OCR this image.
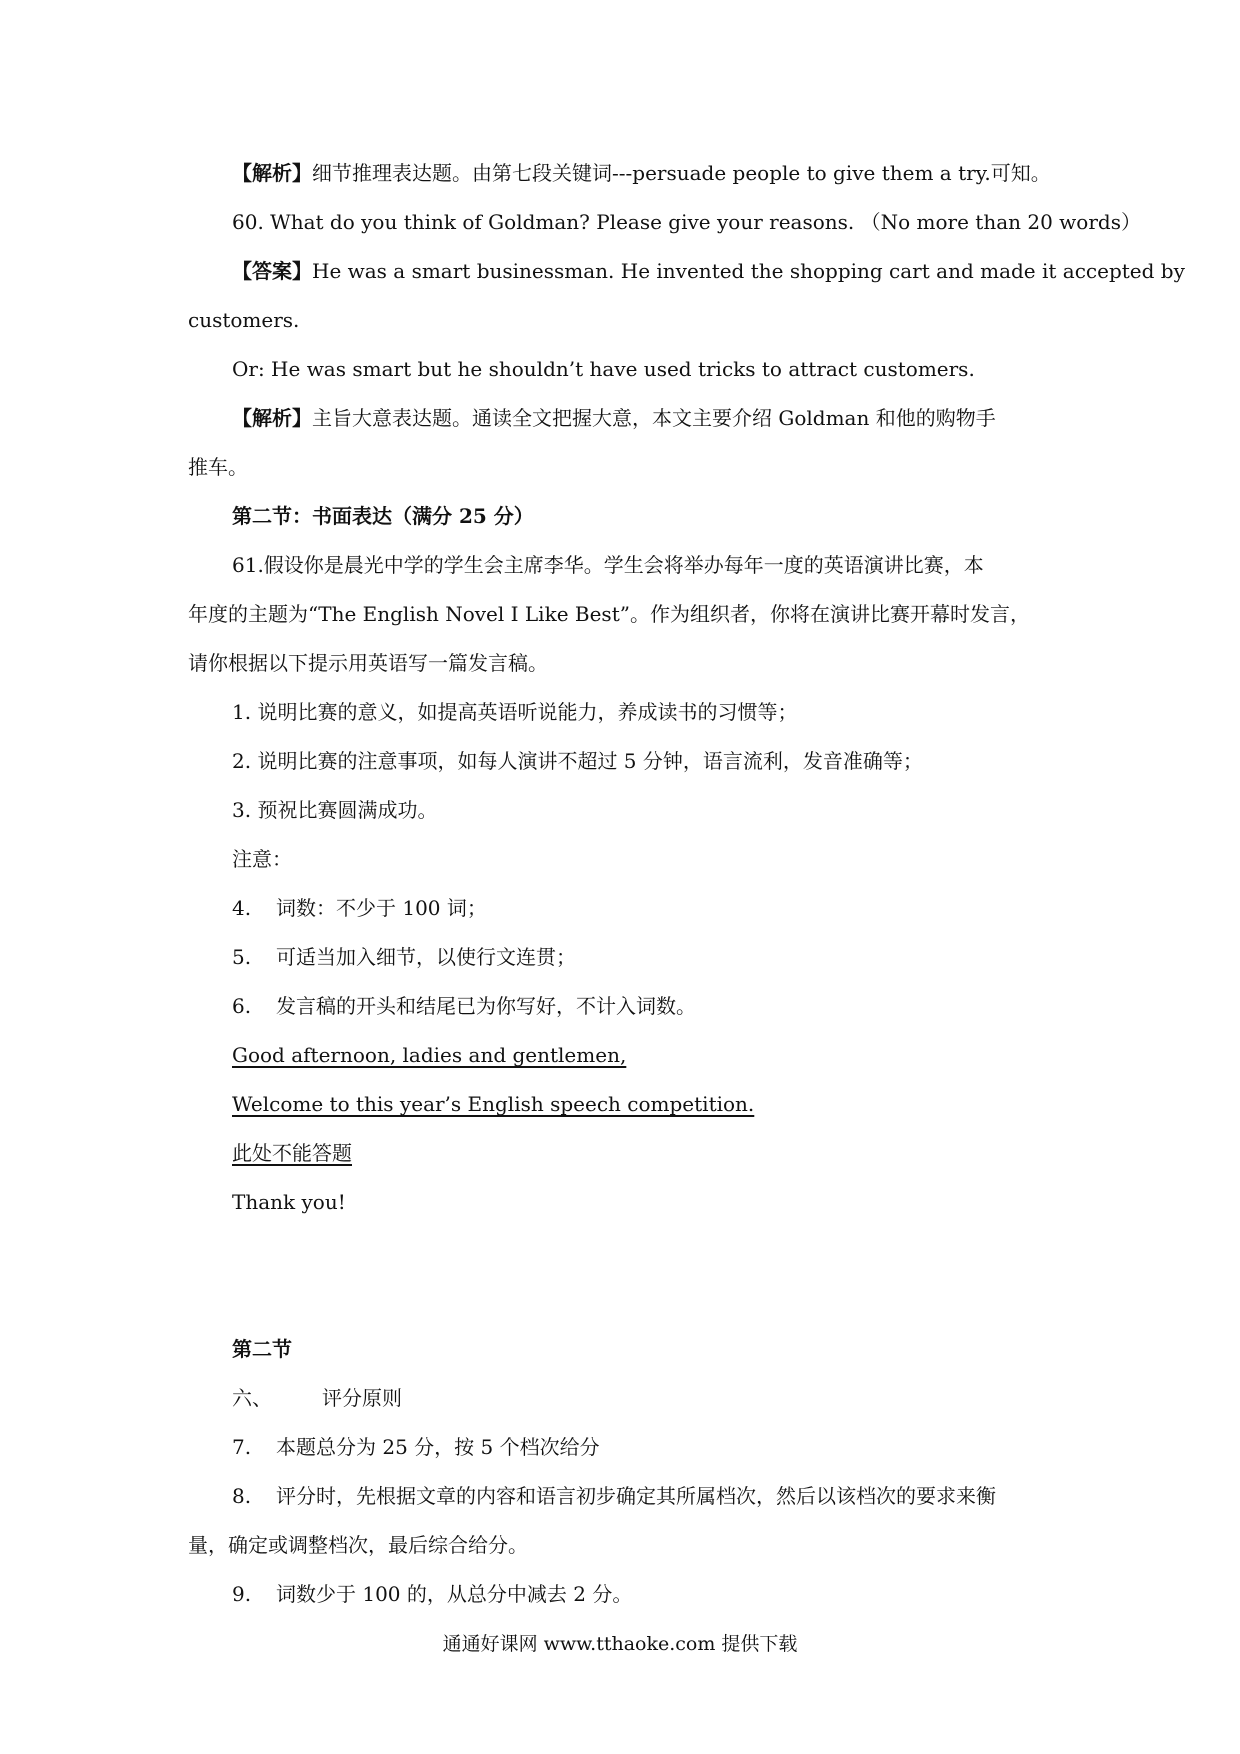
【解析】细节推理表达题。由第七段关键词---persuade people to give them a try.可知。
60. What do you think of Goldman? Please give your reasons. （No more than 20 words）
【答案】He was a smart businessman. He invented the shopping cart and made it accepted by
customers.
Or: He was smart but he shouldn’t have used tricks to attract customers.
【解析】主旨大意表达题。通读全文把握大意，本文主要介绍 Goldman 和他的购物手
推车。
第二节：书面表达（满分 25 分）
61.假设你是晨光中学的学生会主席李华。学生会将举办每年一度的英语演讲比赛，本
年度的主题为“The English Novel I Like Best”。作为组织者，你将在演讲比赛开幕时发言，
请你根据以下提示用英语写一篇发言稿。
1. 说明比赛的意义，如提高英语听说能力，养成读书的习惯等；
2. 说明比赛的注意事项，如每人演讲不超过 5 分钟，语言流利，发音准确等；
3. 预祝比赛圆满成功。
注意：
4. 词数：不少于 100 词；
5. 可适当加入细节，以使行文连贯；
6. 发言稿的开头和结尾已为你写好，不计入词数。
Good afternoon, ladies and gentlemen,
Welcome to this year’s English speech competition.
此处不能答题
Thank you!
第二节
六、	评分原则
7. 本题总分为 25 分，按 5 个档次给分
8. 评分时，先根据文章的内容和语言初步确定其所属档次，然后以该档次的要求来衡
量，确定或调整档次，最后综合给分。
9. 词数少于 100 的，从总分中减去 2 分。
通通好课网 www.tthaoke.com 提供下载
